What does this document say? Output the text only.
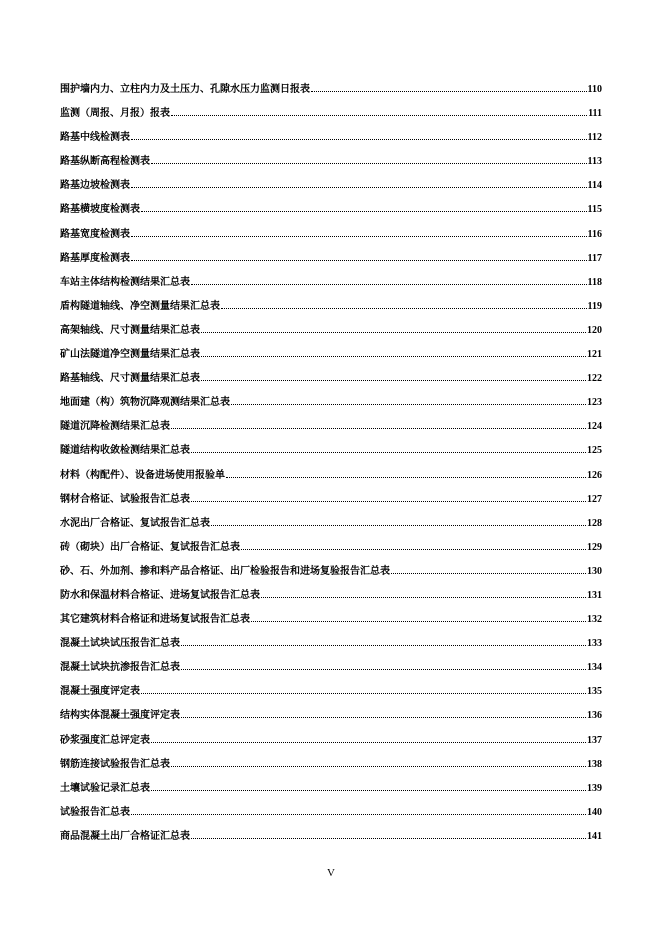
围护墙内力、立柱内力及土压力、孔隙水压力监测日报表	110
监测（周报、月报）报表	111
路基中线检测表	112
路基纵断高程检测表	113
路基边坡检测表	114
路基横坡度检测表	115
路基宽度检测表	116
路基厚度检测表	117
车站主体结构检测结果汇总表	118
盾构隧道轴线、净空测量结果汇总表	119
高架轴线、尺寸测量结果汇总表	120
矿山法隧道净空测量结果汇总表	121
路基轴线、尺寸测量结果汇总表	122
地面建（构）筑物沉降观测结果汇总表	123
隧道沉降检测结果汇总表	124
隧道结构收敛检测结果汇总表	125
材料（构配件）、设备进场使用报验单	126
钢材合格证、试验报告汇总表	127
水泥出厂合格证、复试报告汇总表	128
砖（砌块）出厂合格证、复试报告汇总表	129
砂、石、外加剂、掺和料产品合格证、出厂检验报告和进场复验报告汇总表	130
防水和保温材料合格证、进场复试报告汇总表	131
其它建筑材料合格证和进场复试报告汇总表	132
混凝土试块试压报告汇总表	133
混凝土试块抗渗报告汇总表	134
混凝土强度评定表	135
结构实体混凝土强度评定表	136
砂浆强度汇总评定表	137
钢筋连接试验报告汇总表	138
土壤试验记录汇总表	139
试验报告汇总表	140
商品混凝土出厂合格证汇总表	141
V
